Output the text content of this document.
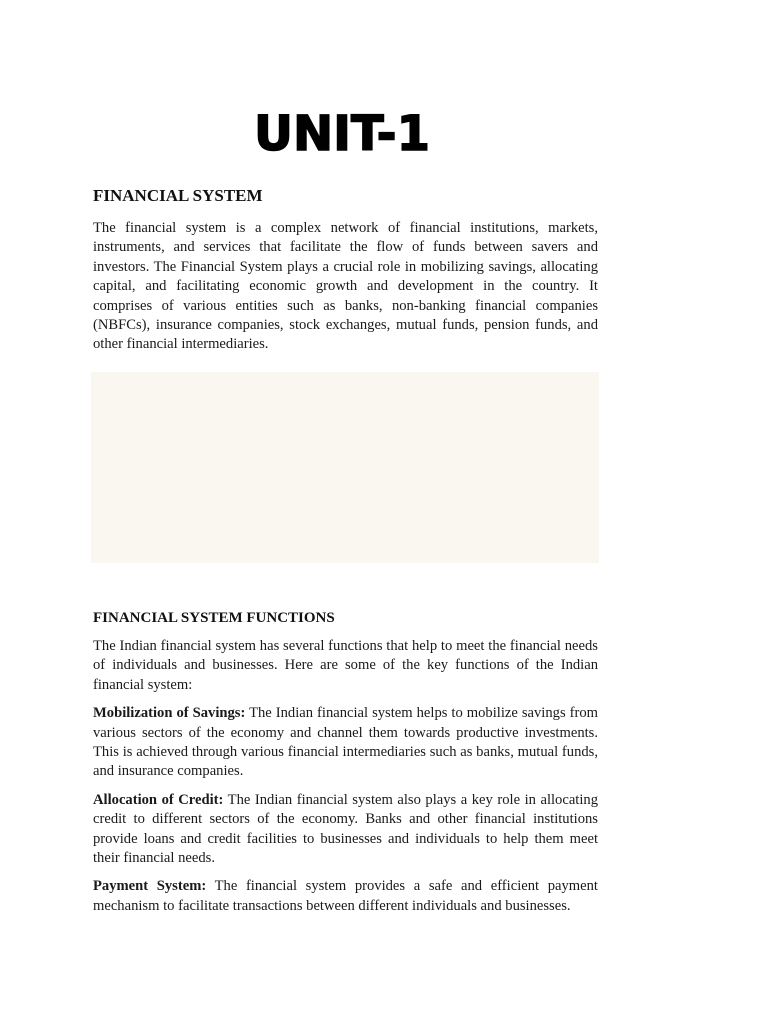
UNIT-1
FINANCIAL SYSTEM

The financial system is a complex network of financial institutions, markets, instruments, and services that facilitate the flow of funds between savers and investors. The Financial System plays a crucial role in mobilizing savings, allocating capital, and facilitating economic growth and development in the country. It comprises of various entities such as banks, non-banking financial companies (NBFCs), insurance companies, stock exchanges, mutual funds, pension funds, and other financial intermediaries.

FINANCIAL SYSTEM FUNCTIONS

The Indian financial system has several functions that help to meet the financial needs of individuals and businesses. Here are some of the key functions of the Indian financial system:

Mobilization of Savings: The Indian financial system helps to mobilize savings from various sectors of the economy and channel them towards productive investments. This is achieved through various financial intermediaries such as banks, mutual funds, and insurance companies.

Allocation of Credit: The Indian financial system also plays a key role in allocating credit to different sectors of the economy. Banks and other financial institutions provide loans and credit facilities to businesses and individuals to help them meet their financial needs.

Payment System: The financial system provides a safe and efficient payment mechanism to facilitate transactions between different individuals and businesses.
